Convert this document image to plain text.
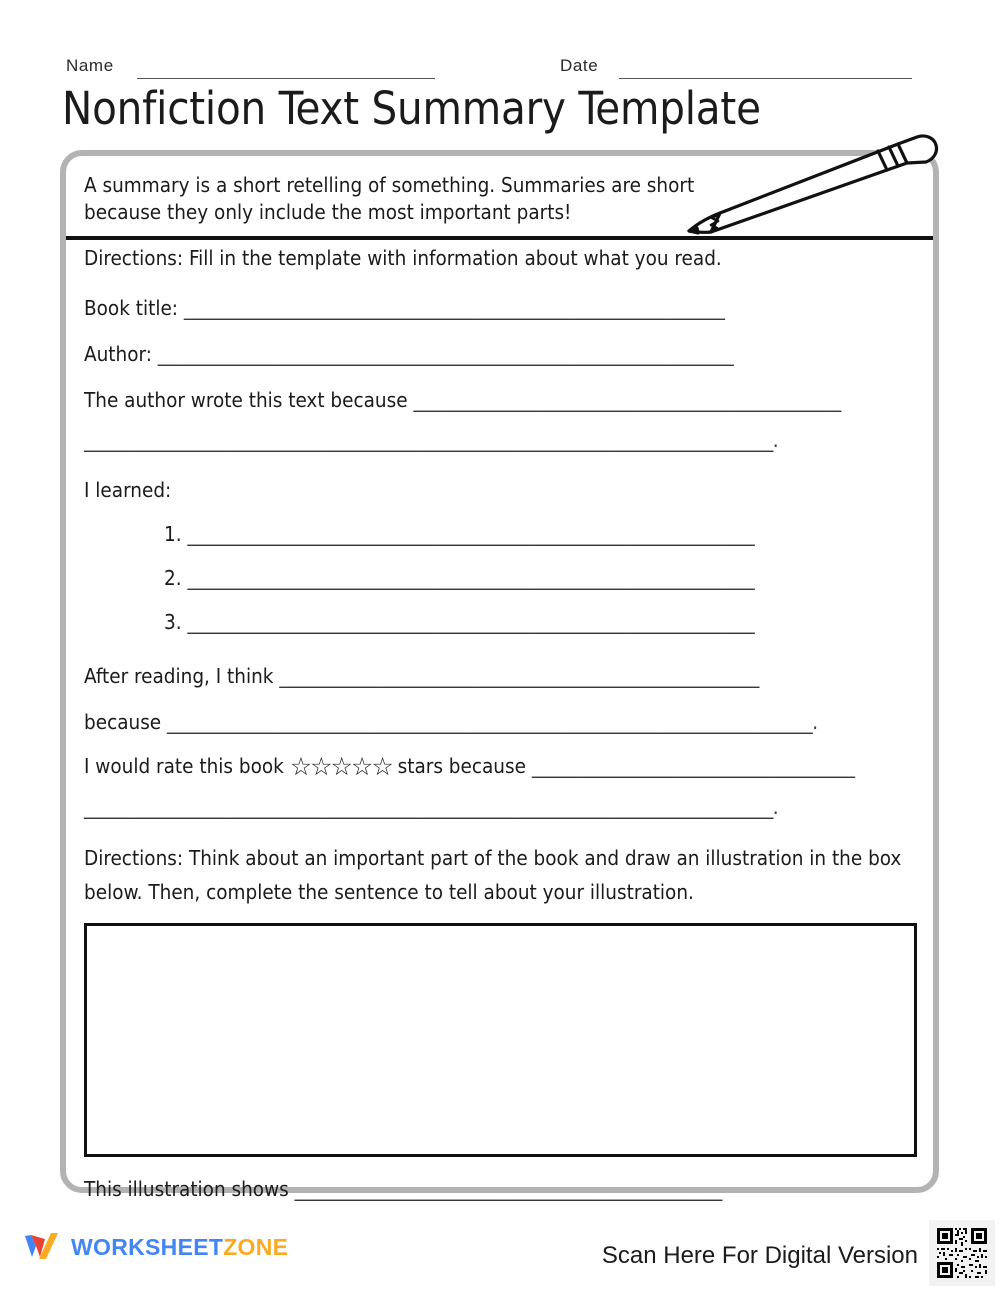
Name	Date
Nonfiction Text Summary Template
A summary is a short retelling of something. Summaries are short because they only include the most important parts!
Directions: Fill in the template with information about what you read.
Book title: ______________________________________________________________
Author: __________________________________________________________________
The author wrote this text because _________________________________________________
_______________________________________________________________________________.
I learned:
1. _________________________________________________________________
2. _________________________________________________________________
3. _________________________________________________________________
After reading, I think _______________________________________________________
because __________________________________________________________________________.
I would rate this book ☆☆☆☆☆ stars because _____________________________________
_______________________________________________________________________________.
Directions: Think about an important part of the book and draw an illustration in the box below. Then, complete the sentence to tell about your illustration.
This illustration shows _________________________________________________
WORKSHEETZONE	Scan Here For Digital Version
